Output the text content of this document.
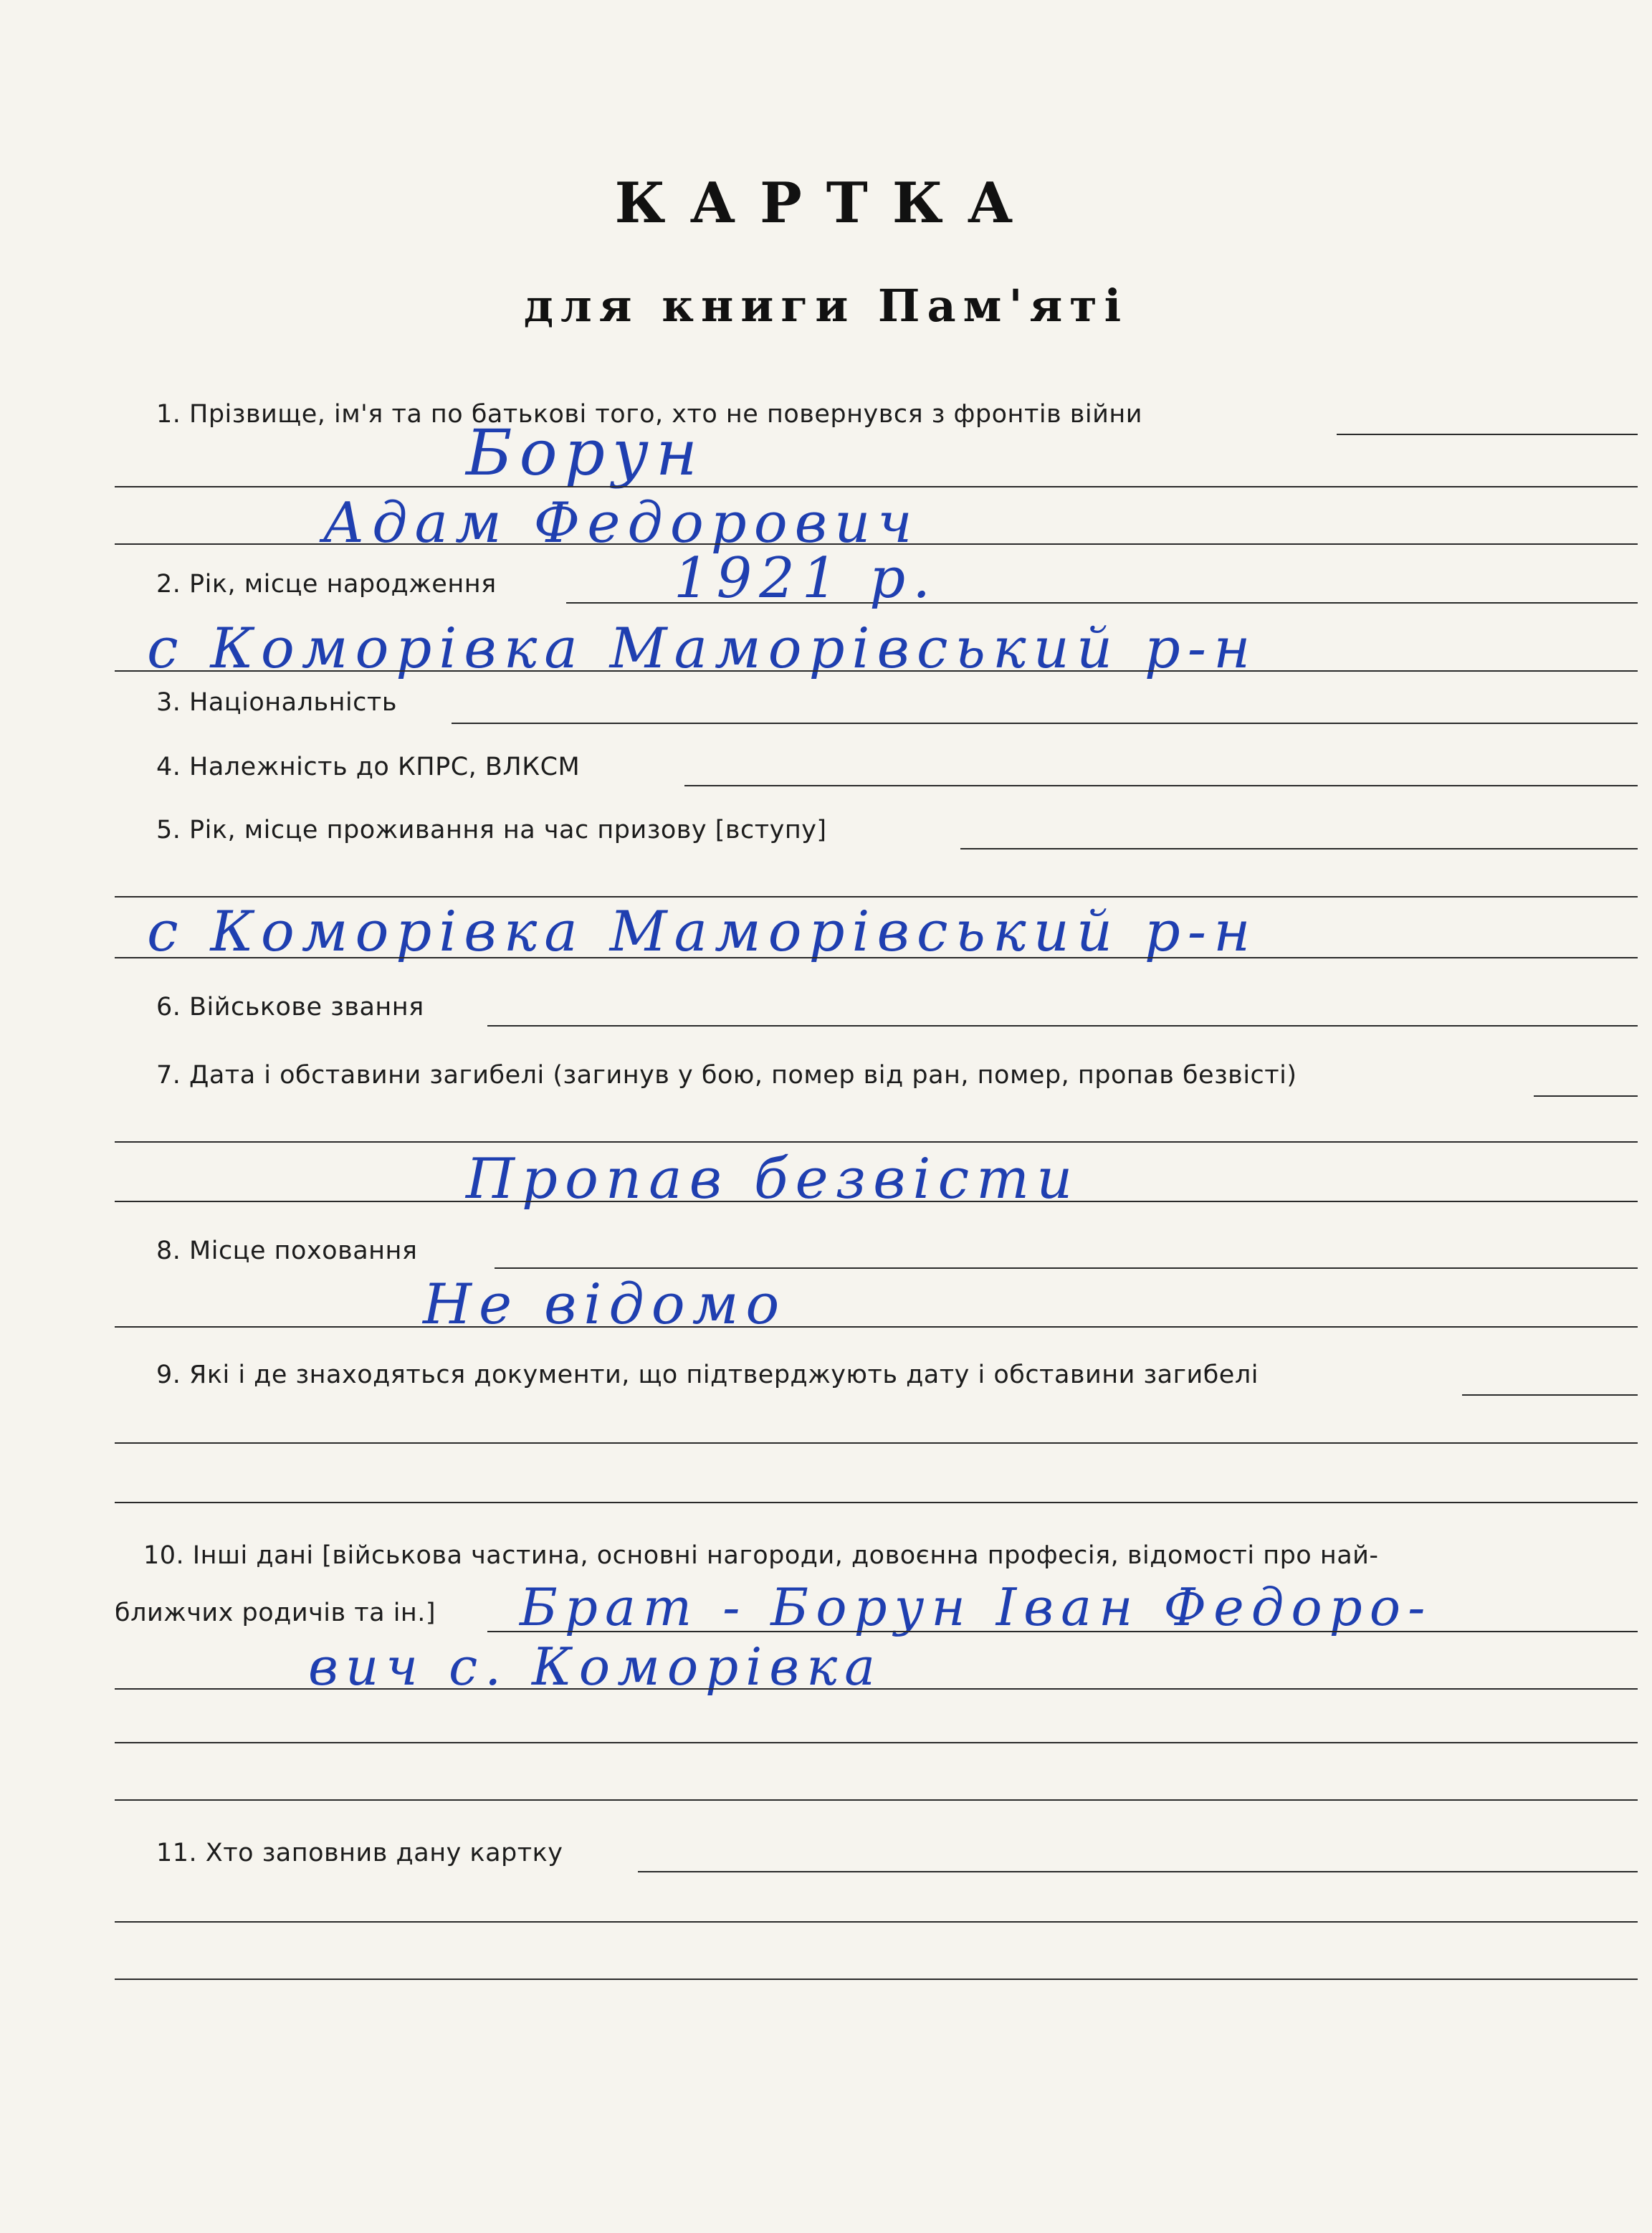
КАРТКА
для книги Пам'яті
1. Прізвище, ім'я та по батькові того, хто не повернувся з фронтів війни
Борун
Адам Федорович
2. Рік, місце народження	1921 р.
с Коморівка Маморівський р-н
3. Національність
4. Належність до КПРС, ВЛКСМ
5. Рік, місце проживання на час призову [вступу]
с Коморівка Маморівський р-н
6. Військове звання
7. Дата і обставини загибелі (загинув у бою, помер від ран, помер, пропав безвісті)
Пропав безвісти
8. Місце поховання
Не відомо
9. Які і де знаходяться документи, що підтверджують дату і обставини загибелі
10. Інші дані [військова частина, основні нагороди, довоєнна професія, відомості про най-
ближчих родичів та ін.] Брат - Борун Іван Федоро-
вич с. Коморівка
11. Хто заповнив дану картку
